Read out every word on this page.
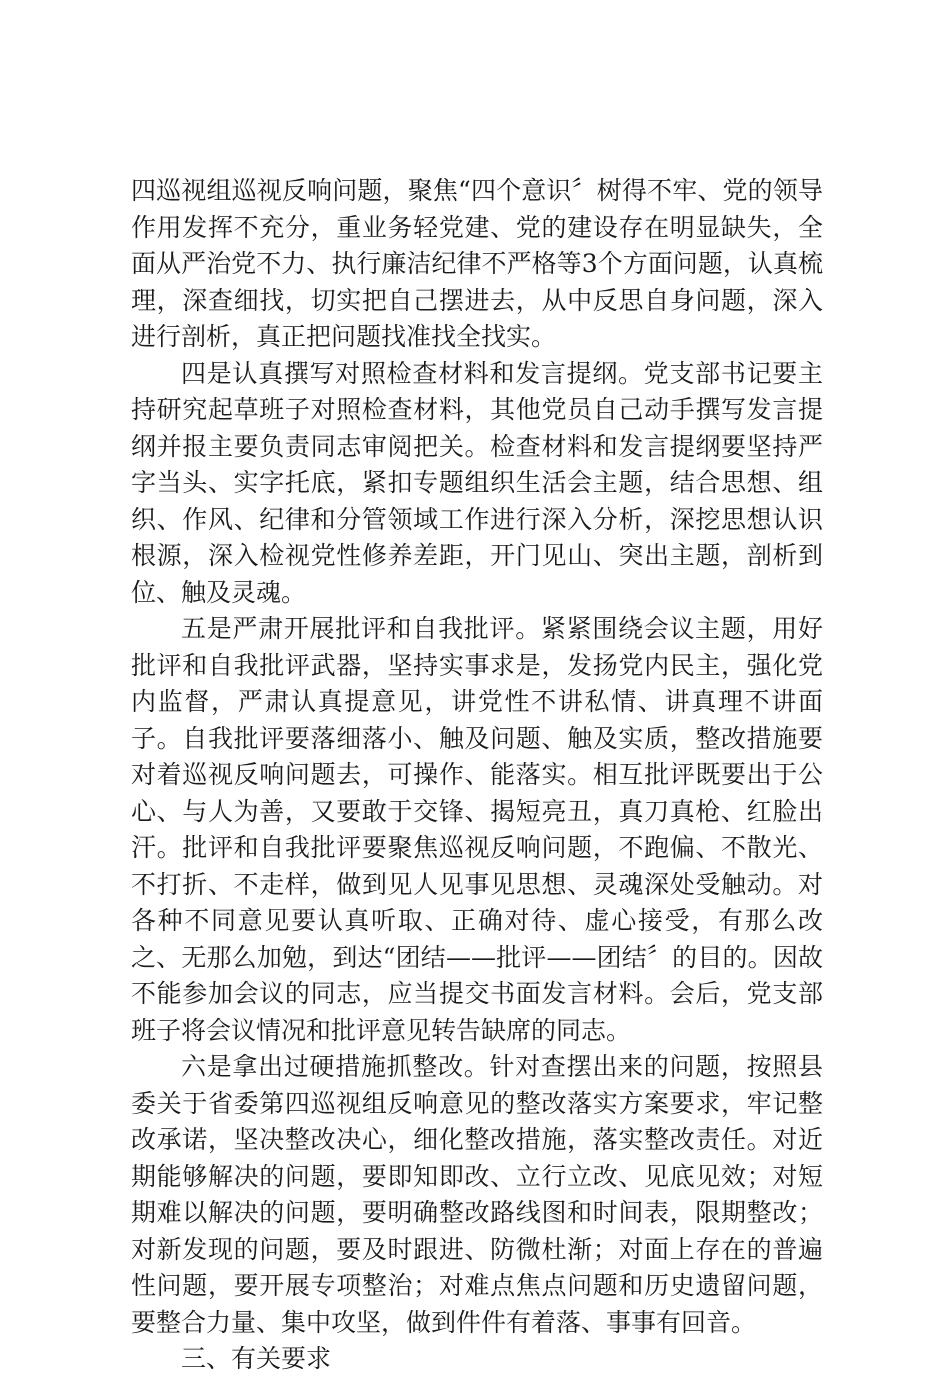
四巡视组巡视反响问题，聚焦“四个意识〞树得不牢、党的领导作用发挥不充分，重业务轻党建、党的建设存在明显缺失，全面从严治党不力、执行廉洁纪律不严格等3个方面问题，认真梳理，深查细找，切实把自己摆进去，从中反思自身问题，深入进行剖析，真正把问题找准找全找实。

四是认真撰写对照检查材料和发言提纲。党支部书记要主持研究起草班子对照检查材料，其他党员自己动手撰写发言提纲并报主要负责同志审阅把关。检查材料和发言提纲要坚持严字当头、实字托底，紧扣专题组织生活会主题，结合思想、组织、作风、纪律和分管领域工作进行深入分析，深挖思想认识根源，深入检视党性修养差距，开门见山、突出主题，剖析到位、触及灵魂。

五是严肃开展批评和自我批评。紧紧围绕会议主题，用好批评和自我批评武器，坚持实事求是，发扬党内民主，强化党内监督，严肃认真提意见，讲党性不讲私情、讲真理不讲面子。自我批评要落细落小、触及问题、触及实质，整改措施要对着巡视反响问题去，可操作、能落实。相互批评既要出于公心、与人为善，又要敢于交锋、揭短亮丑，真刀真枪、红脸出汗。批评和自我批评要聚焦巡视反响问题，不跑偏、不散光、不打折、不走样，做到见人见事见思想、灵魂深处受触动。对各种不同意见要认真听取、正确对待、虚心接受，有那么改之、无那么加勉，到达“团结——批评——团结〞的目的。因故不能参加会议的同志，应当提交书面发言材料。会后，党支部班子将会议情况和批评意见转告缺席的同志。

六是拿出过硬措施抓整改。针对查摆出来的问题，按照县委关于省委第四巡视组反响意见的整改落实方案要求，牢记整改承诺，坚决整改决心，细化整改措施，落实整改责任。对近期能够解决的问题，要即知即改、立行立改、见底见效；对短期难以解决的问题，要明确整改路线图和时间表，限期整改；对新发现的问题，要及时跟进、防微杜渐；对面上存在的普遍性问题，要开展专项整治；对难点焦点问题和历史遗留问题，要整合力量、集中攻坚，做到件件有着落、事事有回音。

三、有关要求
